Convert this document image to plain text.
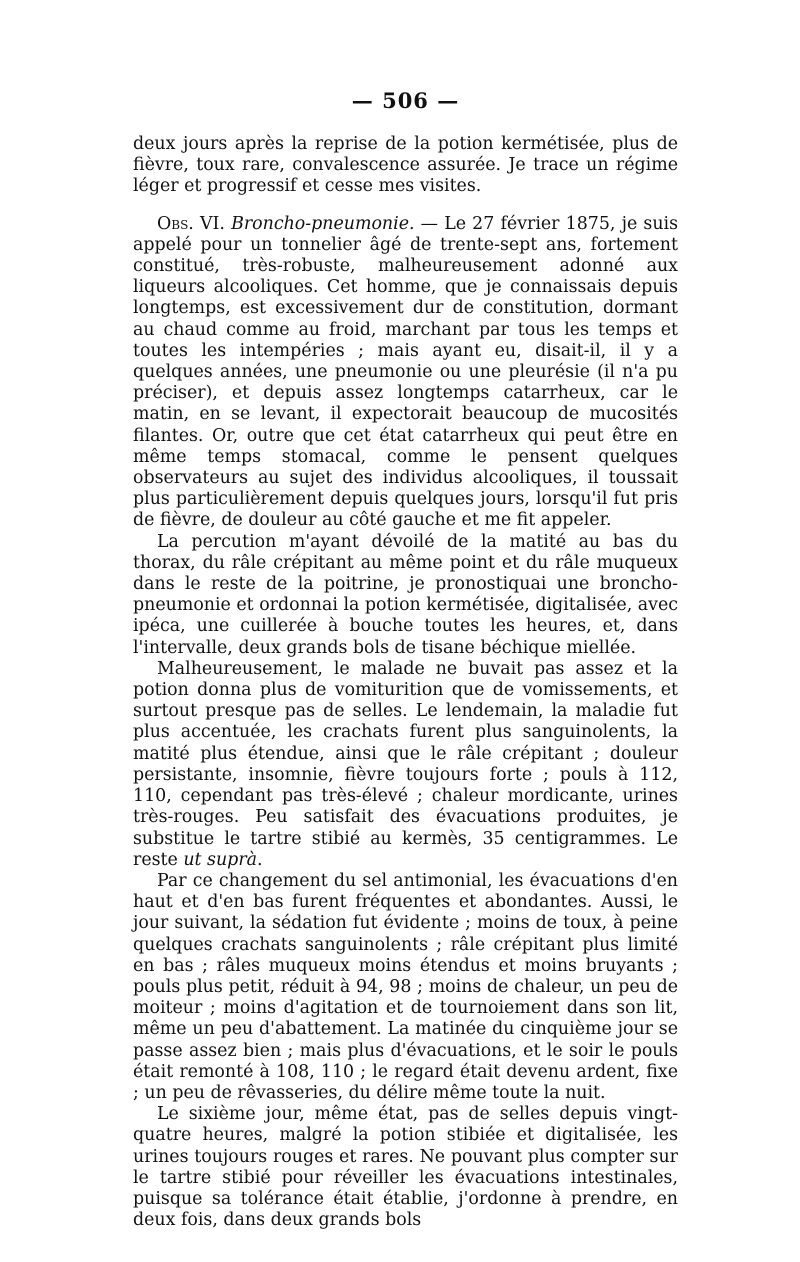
— 506 —

deux jours après la reprise de la potion kermétisée, plus de fièvre, toux rare, convalescence assurée. Je trace un régime léger et progressif et cesse mes visites.

Obs. VI. Broncho-pneumonie. — Le 27 février 1875, je suis appelé pour un tonnelier âgé de trente-sept ans, fortement constitué, très-robuste, malheureusement adonné aux liqueurs alcooliques. Cet homme, que je connaissais depuis longtemps, est excessivement dur de constitution, dormant au chaud comme au froid, marchant par tous les temps et toutes les intempéries ; mais ayant eu, disait-il, il y a quelques années, une pneumonie ou une pleurésie (il n'a pu préciser), et depuis assez longtemps catarrheux, car le matin, en se levant, il expectorait beaucoup de mucosités filantes. Or, outre que cet état catarrheux qui peut être en même temps stomacal, comme le pensent quelques observateurs au sujet des individus alcooliques, il toussait plus particulièrement depuis quelques jours, lorsqu'il fut pris de fièvre, de douleur au côté gauche et me fit appeler.

La percution m'ayant dévoilé de la matité au bas du thorax, du râle crépitant au même point et du râle muqueux dans le reste de la poitrine, je pronostiquai une broncho-pneumonie et ordonnai la potion kermétisée, digitalisée, avec ipéca, une cuillerée à bouche toutes les heures, et, dans l'intervalle, deux grands bols de tisane béchique miellée.

Malheureusement, le malade ne buvait pas assez et la potion donna plus de vomiturition que de vomissements, et surtout presque pas de selles. Le lendemain, la maladie fut plus accentuée, les crachats furent plus sanguinolents, la matité plus étendue, ainsi que le râle crépitant ; douleur persistante, insomnie, fièvre toujours forte ; pouls à 112, 110, cependant pas très-élevé ; chaleur mordicante, urines très-rouges. Peu satisfait des évacuations produites, je substitue le tartre stibié au kermès, 35 centigrammes. Le reste ut suprà.

Par ce changement du sel antimonial, les évacuations d'en haut et d'en bas furent fréquentes et abondantes. Aussi, le jour suivant, la sédation fut évidente ; moins de toux, à peine quelques crachats sanguinolents ; râle crépitant plus limité en bas ; râles muqueux moins étendus et moins bruyants ; pouls plus petit, réduit à 94, 98 ; moins de chaleur, un peu de moiteur ; moins d'agitation et de tournoiement dans son lit, même un peu d'abattement. La matinée du cinquième jour se passe assez bien ; mais plus d'évacuations, et le soir le pouls était remonté à 108, 110 ; le regard était devenu ardent, fixe ; un peu de rêvasseries, du délire même toute la nuit.

Le sixième jour, même état, pas de selles depuis vingt-quatre heures, malgré la potion stibiée et digitalisée, les urines toujours rouges et rares. Ne pouvant plus compter sur le tartre stibié pour réveiller les évacuations intestinales, puisque sa tolérance était établie, j'ordonne à prendre, en deux fois, dans deux grands bols
